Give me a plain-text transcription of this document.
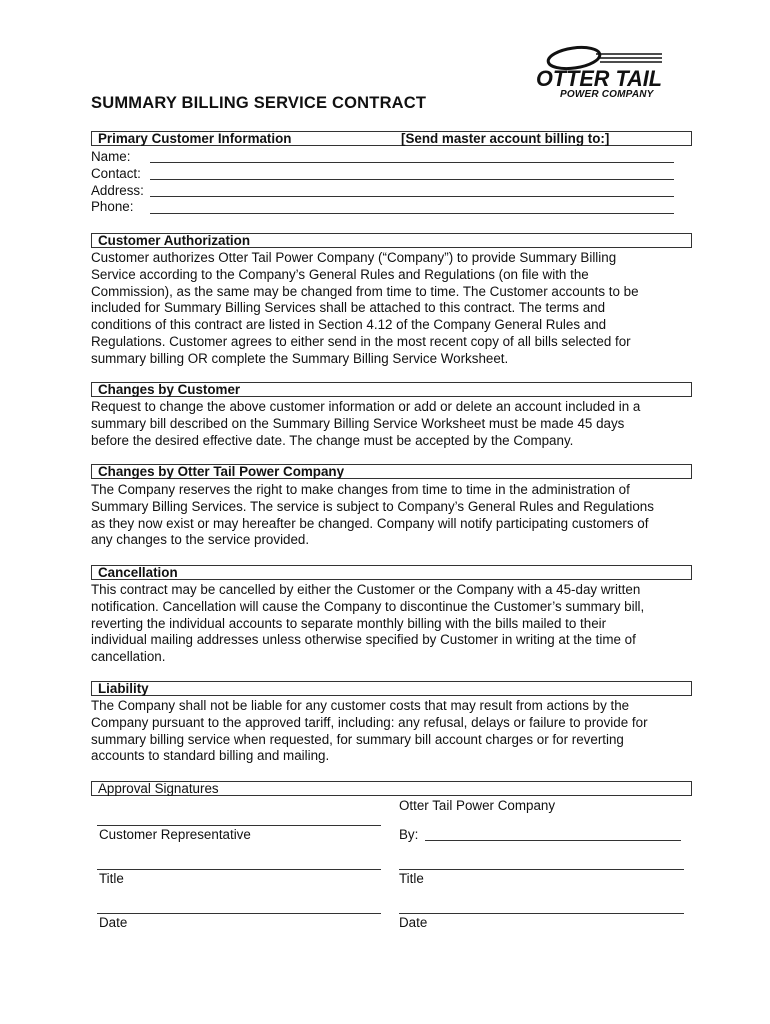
OTTER TAIL
POWER COMPANY
SUMMARY BILLING SERVICE CONTRACT
Primary Customer Information	[Send master account billing to:]
Name:
Contact:
Address:
Phone:
Customer Authorization
Customer authorizes Otter Tail Power Company (“Company”) to provide Summary Billing
Service according to the Company’s General Rules and Regulations (on file with the
Commission), as the same may be changed from time to time. The Customer accounts to be
included for Summary Billing Services shall be attached to this contract. The terms and
conditions of this contract are listed in Section 4.12 of the Company General Rules and
Regulations. Customer agrees to either send in the most recent copy of all bills selected for
summary billing OR complete the Summary Billing Service Worksheet.
Changes by Customer
Request to change the above customer information or add or delete an account included in a
summary bill described on the Summary Billing Service Worksheet must be made 45 days
before the desired effective date. The change must be accepted by the Company.
Changes by Otter Tail Power Company
The Company reserves the right to make changes from time to time in the administration of
Summary Billing Services. The service is subject to Company’s General Rules and Regulations
as they now exist or may hereafter be changed. Company will notify participating customers of
any changes to the service provided.
Cancellation
This contract may be cancelled by either the Customer or the Company with a 45-day written
notification. Cancellation will cause the Company to discontinue the Customer’s summary bill,
reverting the individual accounts to separate monthly billing with the bills mailed to their
individual mailing addresses unless otherwise specified by Customer in writing at the time of
cancellation.
Liability
The Company shall not be liable for any customer costs that may result from actions by the
Company pursuant to the approved tariff, including: any refusal, delays or failure to provide for
summary billing service when requested, for summary bill account charges or for reverting
accounts to standard billing and mailing.
Approval Signatures
Otter Tail Power Company
Customer Representative	By:
Title	Title
Date	Date
